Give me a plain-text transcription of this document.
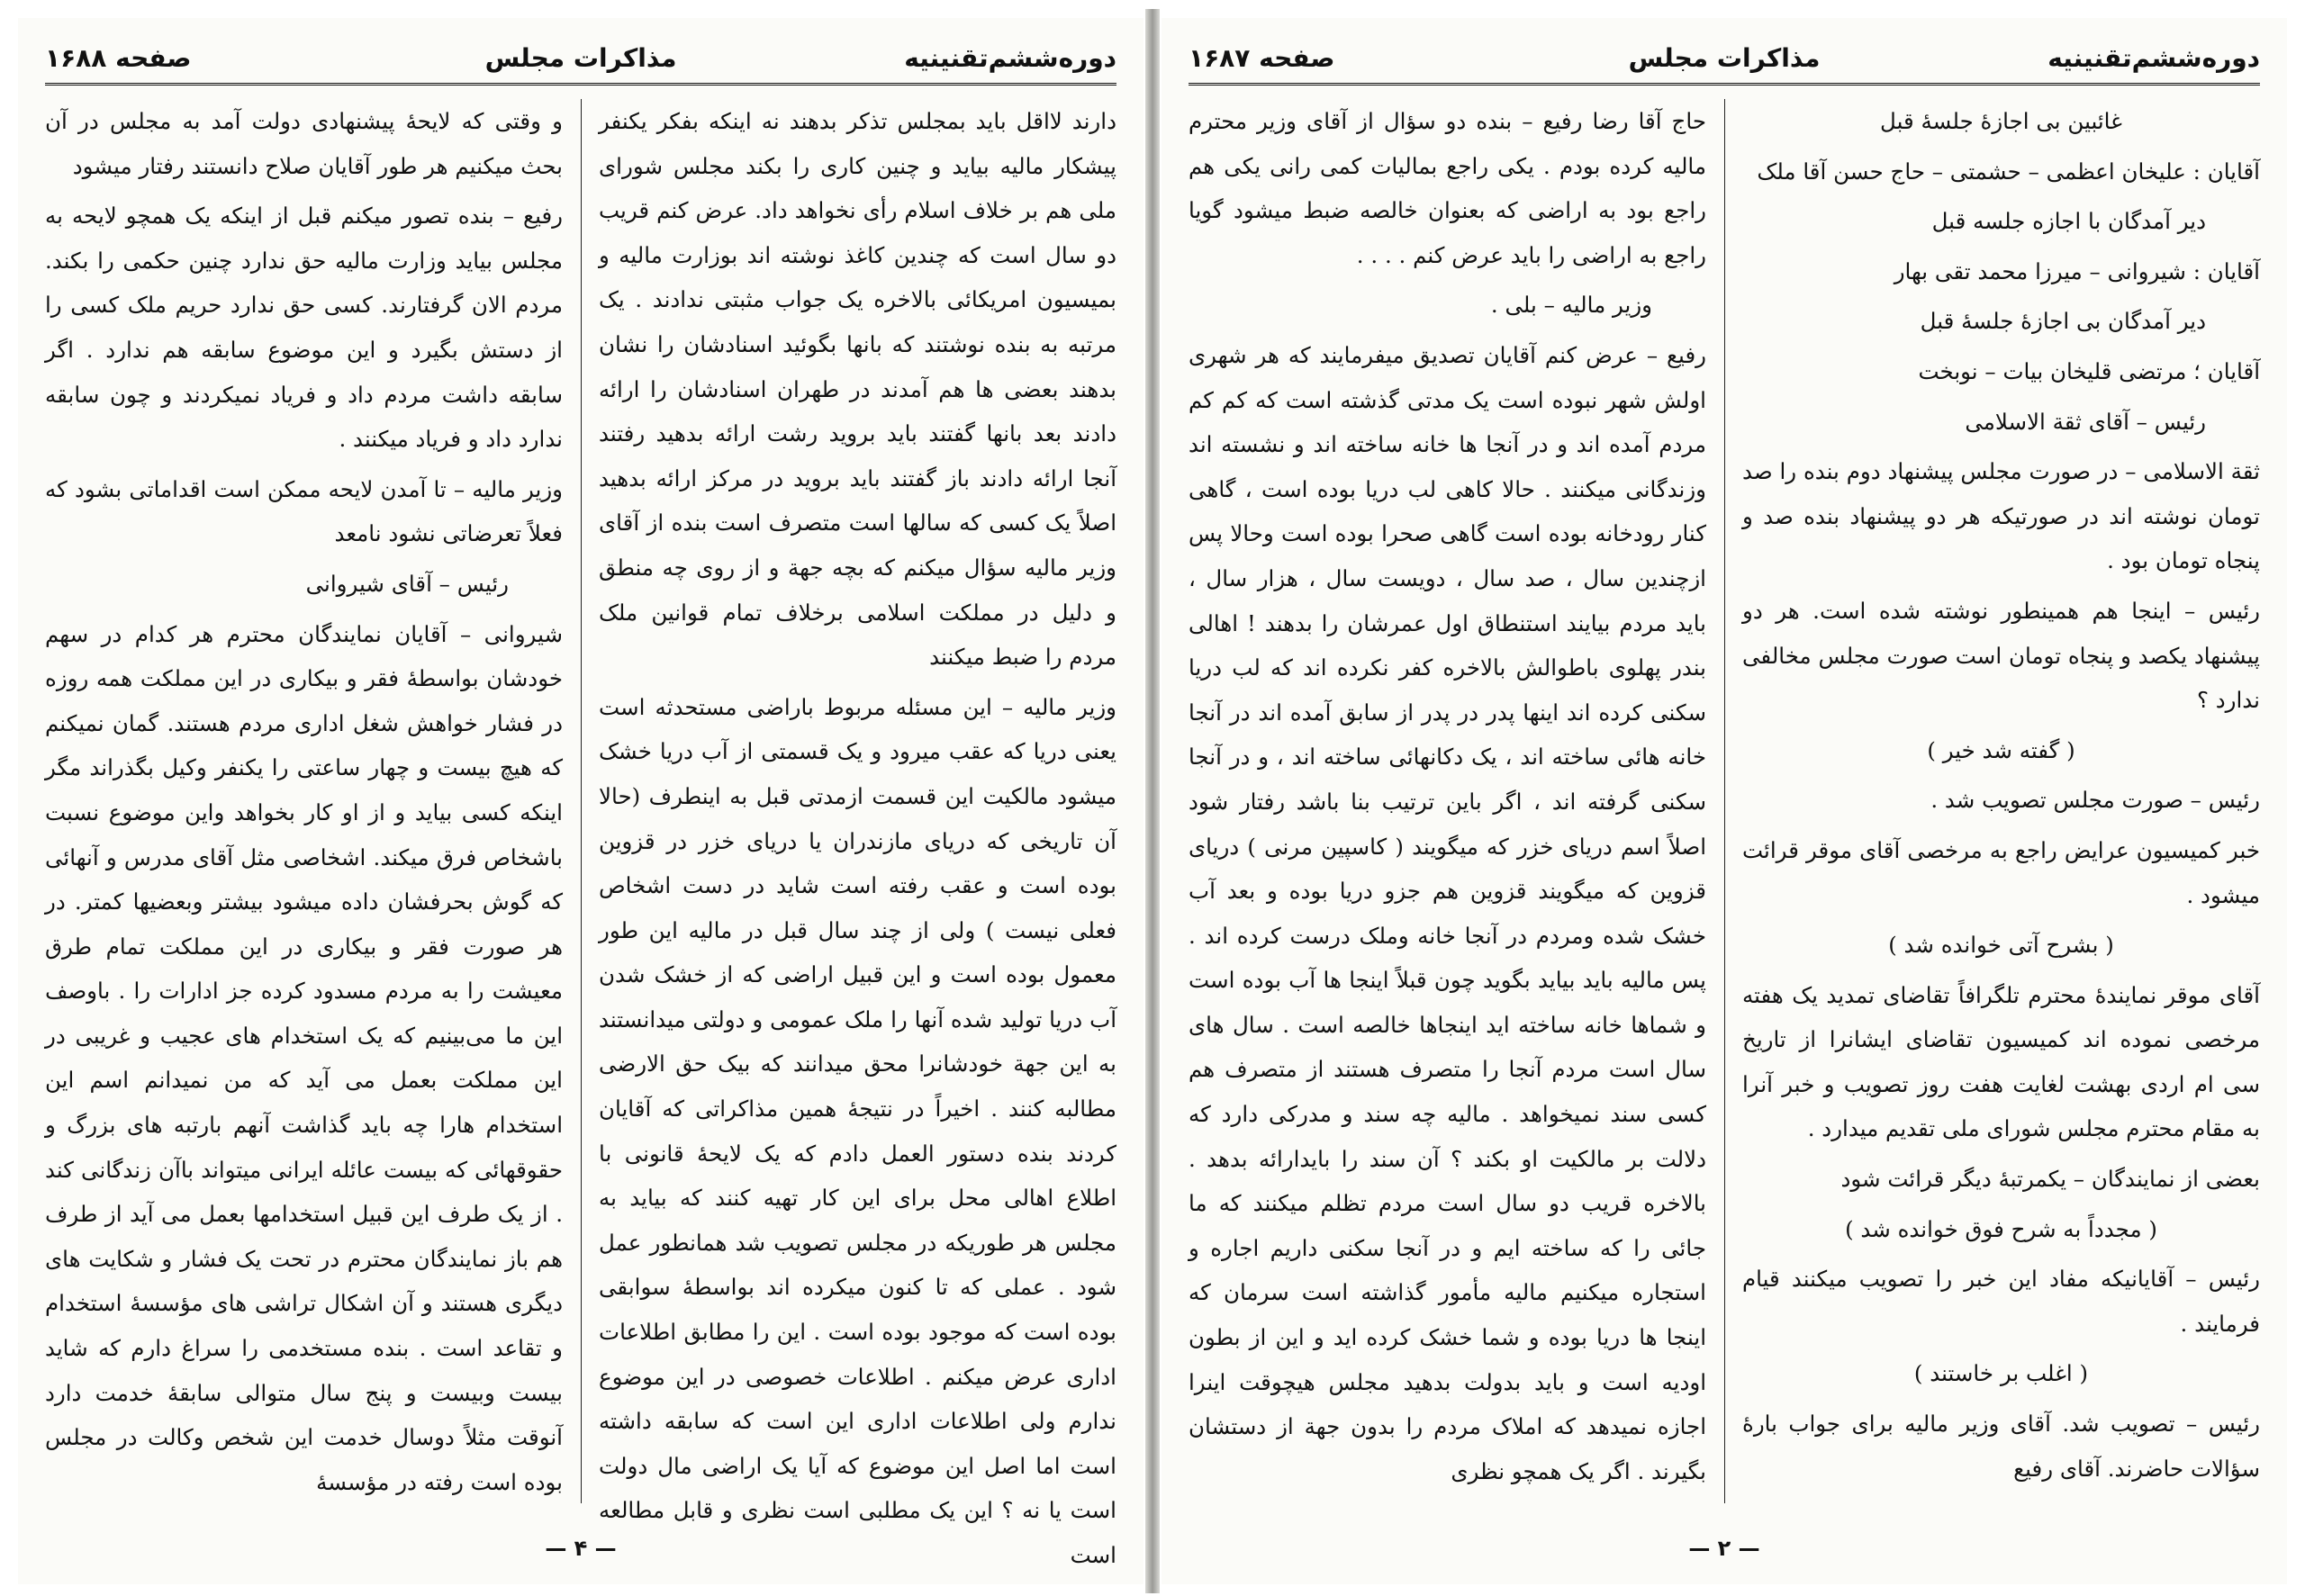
دوره‌ششم‌تقنینیه
مذاکرات مجلس
صفحه ۱۶۸۸

دارند لااقل باید بمجلس تذکر بدهند نه اینکه بفکر یکنفر پیشکار مالیه بیاید و چنین کاری را بکند مجلس شورای ملی هم بر خلاف اسلام رأی نخواهد داد. عرض کنم قریب دو سال است که چندین کاغذ نوشته اند بوزارت مالیه و بمیسیون امریکائی بالاخره یک جواب مثبتی ندادند . یک مرتبه به بنده نوشتند که بانها بگوئید اسنادشان را نشان بدهند بعضی ها هم آمدند در طهران اسنادشان را ارائه دادند بعد بانها گفتند باید بروید رشت ارائه بدهید رفتند آنجا ارائه دادند باز گفتند باید بروید در مرکز ارائه بدهید اصلاً یک کسی که سالها است متصرف است بنده از آقای وزیر مالیه سؤال میکنم که بچه جهة و از روی چه منطق و دلیل در مملکت اسلامی برخلاف تمام قوانین ملک مردم را ضبط میکنند

وزیر مالیه – این مسئله مربوط باراضی مستحدثه است یعنی دریا که عقب میرود و یک قسمتی از آب دریا خشک میشود مالکیت این قسمت ازمدتی قبل به اینطرف (حالا آن تاریخی که دریای مازندران یا دریای خزر در قزوین بوده است و عقب رفته است شاید در دست اشخاص فعلی نیست ) ولی از چند سال قبل در مالیه این طور معمول بوده است و این قبیل اراضی که از خشک شدن آب دریا تولید شده آنها را ملک عمومی و دولتی میدانستند به این جهة خودشانرا محق میدانند که بیک حق الارضی مطالبه کنند . اخیراً در نتیجهٔ همین مذاکراتی که آقایان کردند بنده دستور العمل دادم که یک لایحهٔ قانونی با اطلاع اهالی محل برای این کار تهیه کنند که بیاید به مجلس هر طوریکه در مجلس تصویب شد همانطور عمل شود . عملی که تا کنون میکرده اند بواسطهٔ سوابقی بوده است که موجود بوده است . این را مطابق اطلاعات اداری عرض میکنم . اطلاعات خصوصی در این موضوع ندارم ولی اطلاعات اداری این است که سابقه داشته است اما اصل این موضوع که آیا یک اراضی مال دولت است یا نه ؟ این یک مطلبی است نظری و قابل مطالعه است

و وقتی که لایحهٔ پیشنهادی دولت آمد به مجلس در آن بحث میکنیم هر طور آقایان صلاح دانستند رفتار میشود

رفیع – بنده تصور میکنم قبل از اینکه یک همچو لایحه به مجلس بیاید وزارت مالیه حق ندارد چنین حکمی را بکند. مردم الان گرفتارند. کسی حق ندارد حریم ملک کسی را از دستش بگیرد و این موضوع سابقه هم ندارد . اگر سابقه داشت مردم داد و فریاد نمیکردند و چون سابقه ندارد داد و فریاد میکنند .

وزیر مالیه – تا آمدن لایحه ممکن است اقداماتی بشود که فعلاً تعرضاتی نشود نامعد

رئیس – آقای شیروانی

شیروانی – آقایان نمایندگان محترم هر کدام در سهم خودشان بواسطهٔ فقر و بیکاری در این مملکت همه روزه در فشار خواهش شغل اداری مردم هستند. گمان نمیکنم که هیچ بیست و چهار ساعتی را یکنفر وکیل بگذراند مگر اینکه کسی بیاید و از او کار بخواهد واین موضوع نسبت باشخاص فرق میکند. اشخاصی مثل آقای مدرس و آنهائی که گوش بحرفشان داده میشود بیشتر وبعضیها کمتر. در هر صورت فقر و بیکاری در این مملکت تمام طرق معیشت را به مردم مسدود کرده جز ادارات را . باوصف این ما می‌بینیم که یک استخدام های عجیب و غریبی در این مملکت بعمل می آید که من نمیدانم اسم این استخدام هارا چه باید گذاشت آنهم بارتبه های بزرگ و حقوقهائی که بیست عائله ایرانی میتواند باآن زندگانی کند . از یک طرف این قبیل استخدامها بعمل می آید از طرف هم باز نمایندگان محترم در تحت یک فشار و شکایت های دیگری هستند و آن اشکال تراشی های مؤسسهٔ استخدام و تقاعد است . بنده مستخدمی را سراغ دارم که شاید بیست وبیست و پنج سال متوالی سابقهٔ خدمت دارد آنوقت مثلاً دوسال خدمت این شخص وکالت در مجلس بوده است رفته در مؤسسهٔ

— ۴ —
دوره‌ششم‌تقنینیه
مذاکرات مجلس
صفحه ۱۶۸۷

غائبین بی اجازهٔ جلسهٔ قبل

آقایان : علیخان اعظمی – حشمتی – حاج حسن آقا ملک

دیر آمدگان با اجازه جلسه قبل

آقایان : شیروانی – میرزا محمد تقی بهار

دیر آمدگان بی اجازهٔ جلسهٔ قبل

آقایان ؛ مرتضی قلیخان بیات – نوبخت

رئیس – آقای ثقة الاسلامی

ثقة الاسلامی – در صورت مجلس پیشنهاد دوم بنده را صد تومان نوشته اند در صورتیکه هر دو پیشنهاد بنده صد و پنجاه تومان بود .

رئیس – اینجا هم همینطور نوشته شده است. هر دو پیشنهاد یکصد و پنجاه تومان است صورت مجلس مخالفی ندارد ؟

( گفته شد خیر )

رئیس – صورت مجلس تصویب شد .

خبر کمیسیون عرایض راجع به مرخصی آقای موقر قرائت میشود .

( بشرح آتی خوانده شد )

آقای موقر نمایندهٔ محترم تلگرافاً تقاضای تمدید یک هفته مرخصی نموده اند کمیسیون تقاضای ایشانرا از تاریخ سی ام اردی بهشت لغایت هفت روز تصویب و خبر آنرا به مقام محترم مجلس شورای ملی تقدیم میدارد .

بعضی از نمایندگان – یکمرتبهٔ دیگر قرائت شود

( مجدداً به شرح فوق خوانده شد )

رئیس – آقایانیکه مفاد این خبر را تصویب میکنند قیام فرمایند .

( اغلب بر خاستند )

رئیس – تصویب شد. آقای وزیر مالیه برای جواب بارهٔ سؤالات حاضرند. آقای رفیع

حاج آقا رضا رفیع – بنده دو سؤال از آقای وزیر محترم مالیه کرده بودم . یکی راجع بمالیات کمی رانی یکی هم راجع بود به اراضی که بعنوان خالصه ضبط میشود گویا راجع به اراضی را باید عرض کنم . . . .

وزیر مالیه – بلی .

رفیع – عرض کنم آقایان تصدیق میفرمایند که هر شهری اولش شهر نبوده است یک مدتی گذشته است که کم کم مردم آمده اند و در آنجا ها خانه ساخته اند و نشسته اند وزندگانی میکنند . حالا کاهی لب دریا بوده است ، گاهی کنار رودخانه بوده است گاهی صحرا بوده است وحالا پس ازچندین سال ، صد سال ، دویست سال ، هزار سال ، باید مردم بیایند استنطاق اول عمرشان را بدهند ! اهالی بندر پهلوی باطوالش بالاخره کفر نکرده اند که لب دریا سکنی کرده اند اینها پدر در پدر از سابق آمده اند در آنجا خانه هائی ساخته اند ، یک دکانهائی ساخته اند ، و در آنجا سکنی گرفته اند ، اگر باین ترتیب بنا باشد رفتار شود اصلاً اسم دریای خزر که میگویند ( کاسپین مرنی ) دریای قزوین که میگویند قزوین هم جزو دریا بوده و بعد آب خشک شده ومردم در آنجا خانه وملک درست کرده اند . پس مالیه باید بیاید بگوید چون قبلاً اینجا ها آب بوده است و شماها خانه ساخته اید اینجاها خالصه است . سال های سال است مردم آنجا را متصرف هستند از متصرف هم کسی سند نمیخواهد . مالیه چه سند و مدرکی دارد که دلالت بر مالکیت او بکند ؟ آن سند را بایدارائه بدهد . بالاخره قریب دو سال است مردم تظلم میکنند که ما جائی را که ساخته ایم و در آنجا سکنی داریم اجاره و استجاره میکنیم مالیه مأمور گذاشته است سرمان که اینجا ها دریا بوده و شما خشک کرده اید و این از بطون اودیه است و باید بدولت بدهید مجلس هیچوقت اینرا اجازه نمیدهد که املاک مردم را بدون جهة از دستشان بگیرند . اگر یک همچو نظری

— ۲ —
